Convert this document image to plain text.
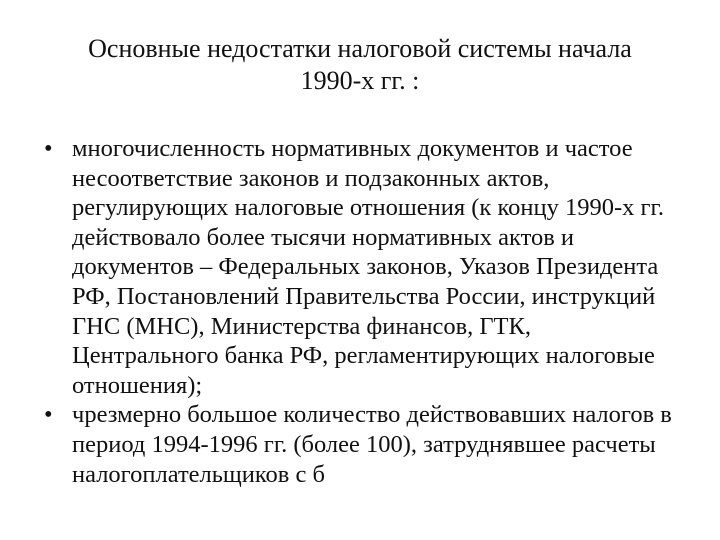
Основные недостатки налоговой системы начала
1990-х гг. :
• многочисленность нормативных документов и частое несоответствие законов и подзаконных актов, регулирующих налоговые отношения (к концу 1990-х гг. действовало более тысячи нормативных актов и документов – Федеральных законов, Указов Президента РФ, Постановлений Правительства России, инструкций ГНС (МНС), Министерства финансов, ГТК, Центрального банка РФ, регламентирующих налоговые отношения);
• чрезмерно большое количество действовавших налогов в период 1994-1996 гг. (более 100), затруднявшее расчеты налогоплательщиков с б
